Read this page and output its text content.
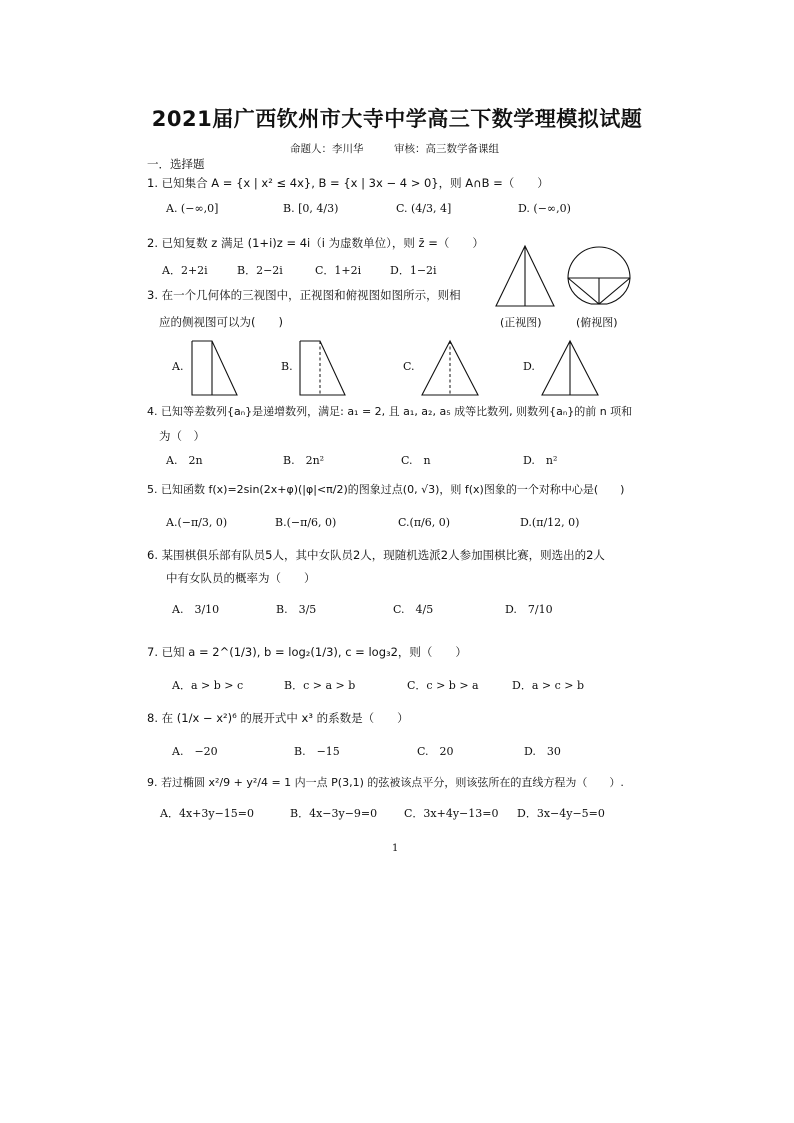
2021届广西钦州市大寺中学高三下数学理模拟试题
命题人：李川华	审核：高三数学备课组
一．选择题
1. 已知集合 A = {x | x² ≤ 4x}, B = {x | 3x − 4 > 0}，则 A∩B =（　　）
A. (−∞,0]	B. [0, 4/3)	C. (4/3, 4]	D. (−∞,0)
2. 已知复数 z 满足 (1+i)z = 4i（i 为虚数单位），则 z̄ =（　　）
A．2+2i	B．2−2i	C．1+2i	D．1−2i
3. 在一个几何体的三视图中，正视图和俯视图如图所示，则相
应的侧视图可以为(　　)	(正视图)	(俯视图)
A.	B.	C.	D.
4. 已知等差数列{aₙ}是递增数列，满足: a₁ = 2, 且 a₁, a₂, a₅ 成等比数列, 则数列{aₙ}的前 n 项和
为（　）
A.　2n	B.　2n²	C.　n	D.　n²
5. 已知函数 f(x)=2sin(2x+φ)(|φ|<π/2)的图象过点(0, √3)，则 f(x)图象的一个对称中心是(　　)
A.(−π/3, 0)	B.(−π/6, 0)	C.(π/6, 0)	D.(π/12, 0)
6. 某围棋俱乐部有队员5人，其中女队员2人，现随机选派2人参加围棋比赛，则选出的2人
中有女队员的概率为（　　）
A.　3/10	B.　3/5	C.　4/5	D.　7/10
7. 已知 a = 2^(1/3), b = log₂(1/3), c = log₃2，则（　　）
A．a > b > c	B．c > a > b	C．c > b > a	D．a > c > b
8. 在 (1/x − x²)⁶ 的展开式中 x³ 的系数是（　　）
A.　−20	B.　−15	C.　20	D.　30
9. 若过椭圆 x²/9 + y²/4 = 1 内一点 P(3,1) 的弦被该点平分，则该弦所在的直线方程为（　　）.
A．4x+3y−15=0	B．4x−3y−9=0 C．3x+4y−13=0 D．3x−4y−5=0
1
